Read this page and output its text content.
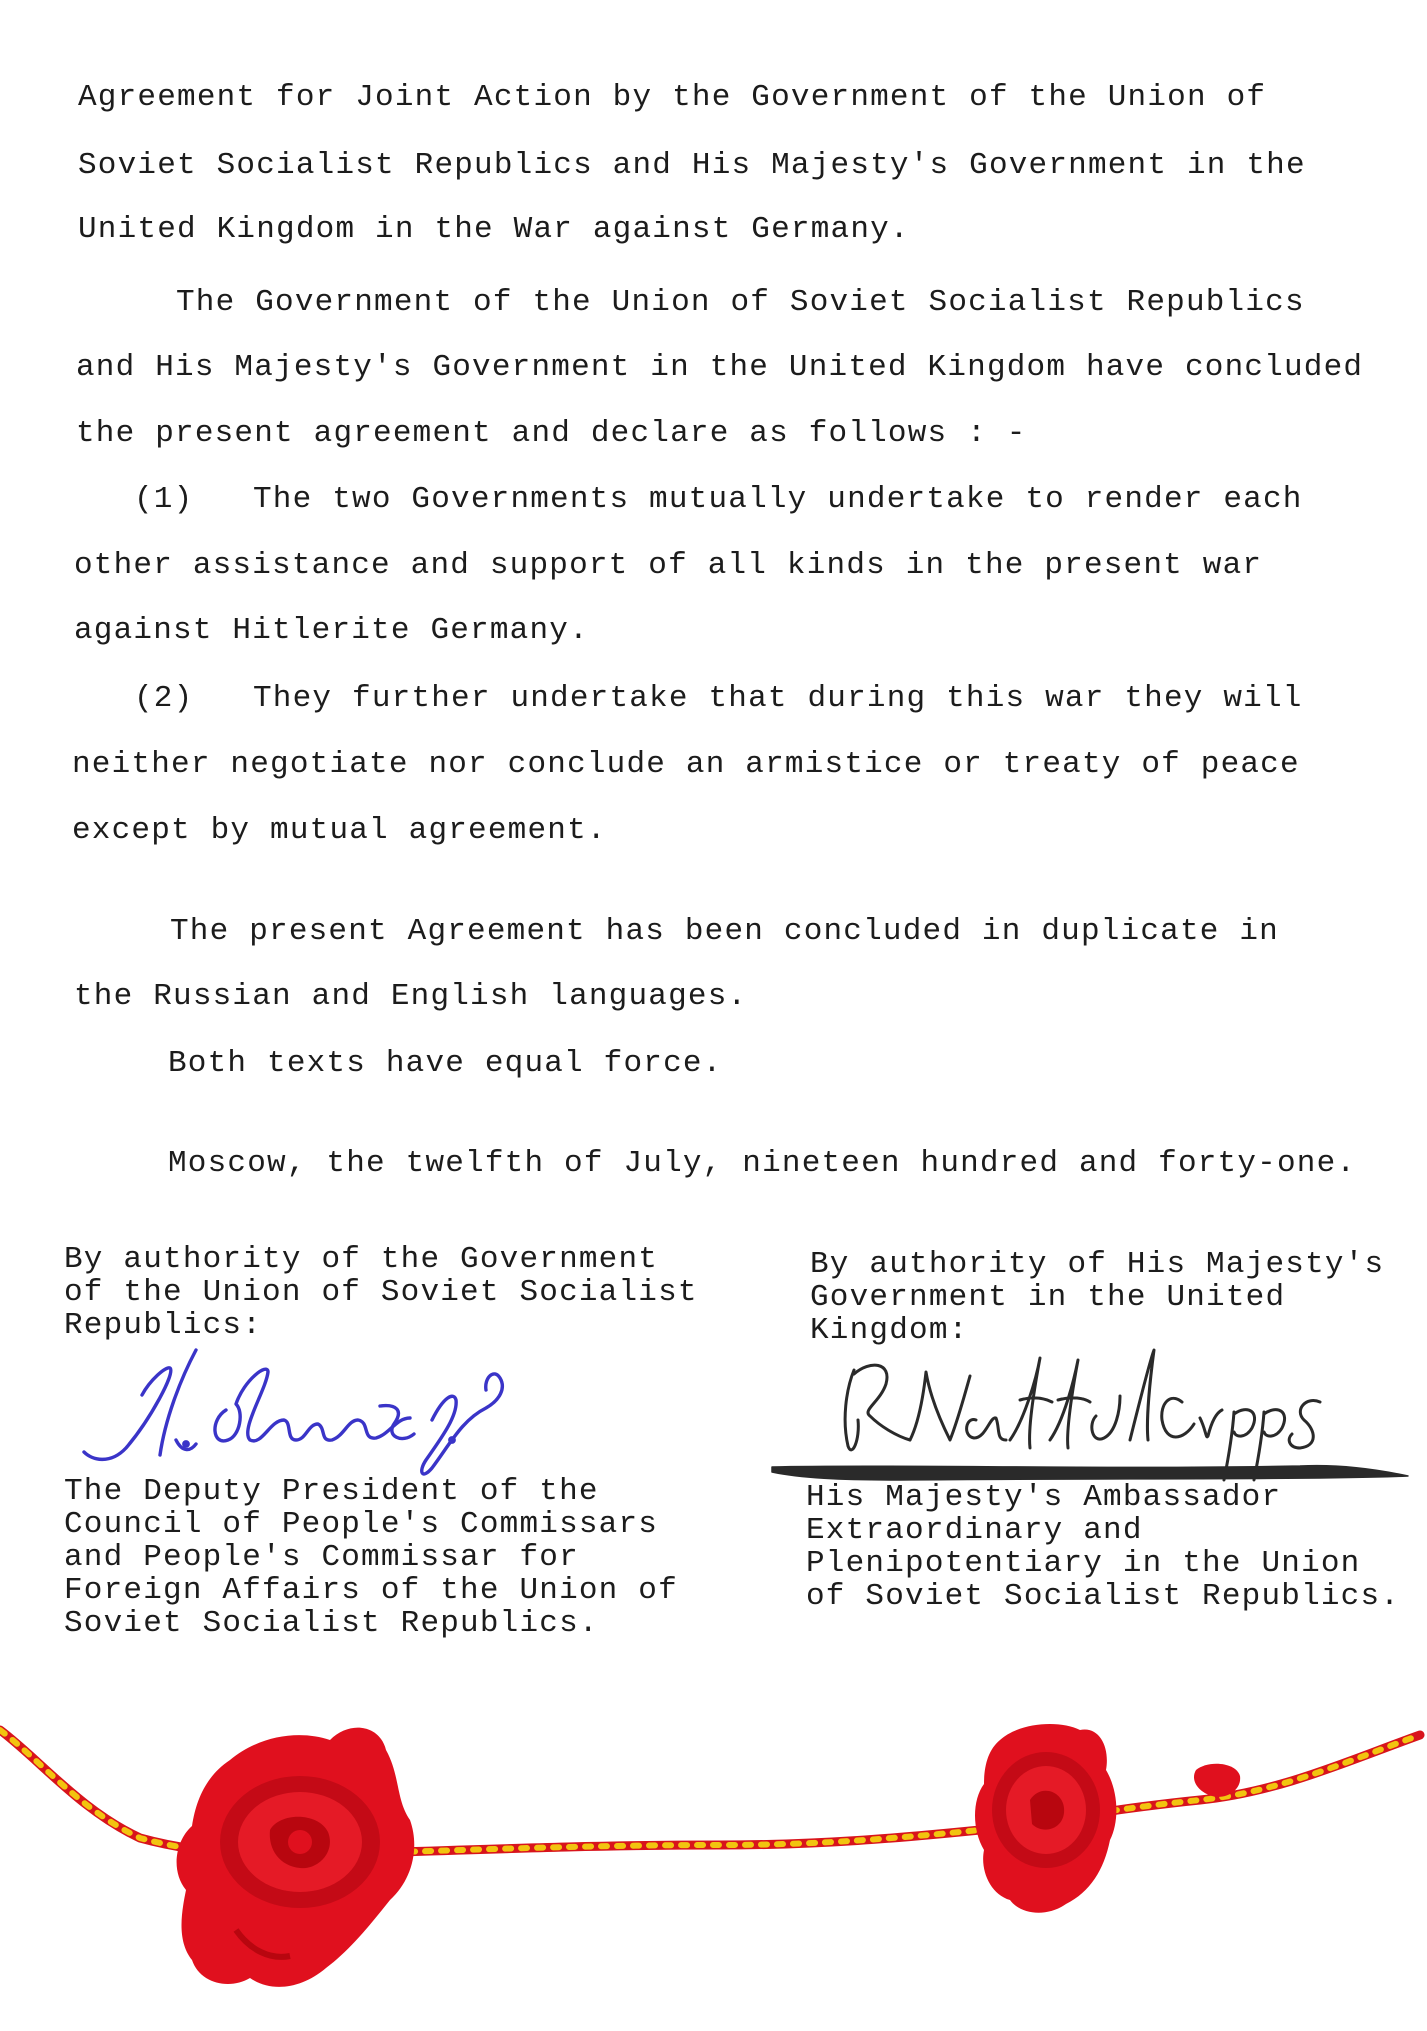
Agreement for Joint Action by the Government of the Union of
Soviet Socialist Republics and His Majesty's Government in the
United Kingdom in the War against Germany.
The Government of the Union of Soviet Socialist Republics
and His Majesty's Government in the United Kingdom have concluded
the present agreement and declare as follows : -
(1) The two Governments mutually undertake to render each
other assistance and support of all kinds in the present war
against Hitlerite Germany.
(2) They further undertake that during this war they will
neither negotiate nor conclude an armistice or treaty of peace
except by mutual agreement.
The present Agreement has been concluded in duplicate in
the Russian and English languages.
Both texts have equal force.
Moscow, the twelfth of July, nineteen hundred and forty-one.
By authority of the Government
of the Union of Soviet Socialist
Republics:
The Deputy President of the
Council of People's Commissars
and People's Commissar for
Foreign Affairs of the Union of
Soviet Socialist Republics.
By authority of His Majesty's
Government in the United
Kingdom:
His Majesty's Ambassador
Extraordinary and
Plenipotentiary in the Union
of Soviet Socialist Republics.
